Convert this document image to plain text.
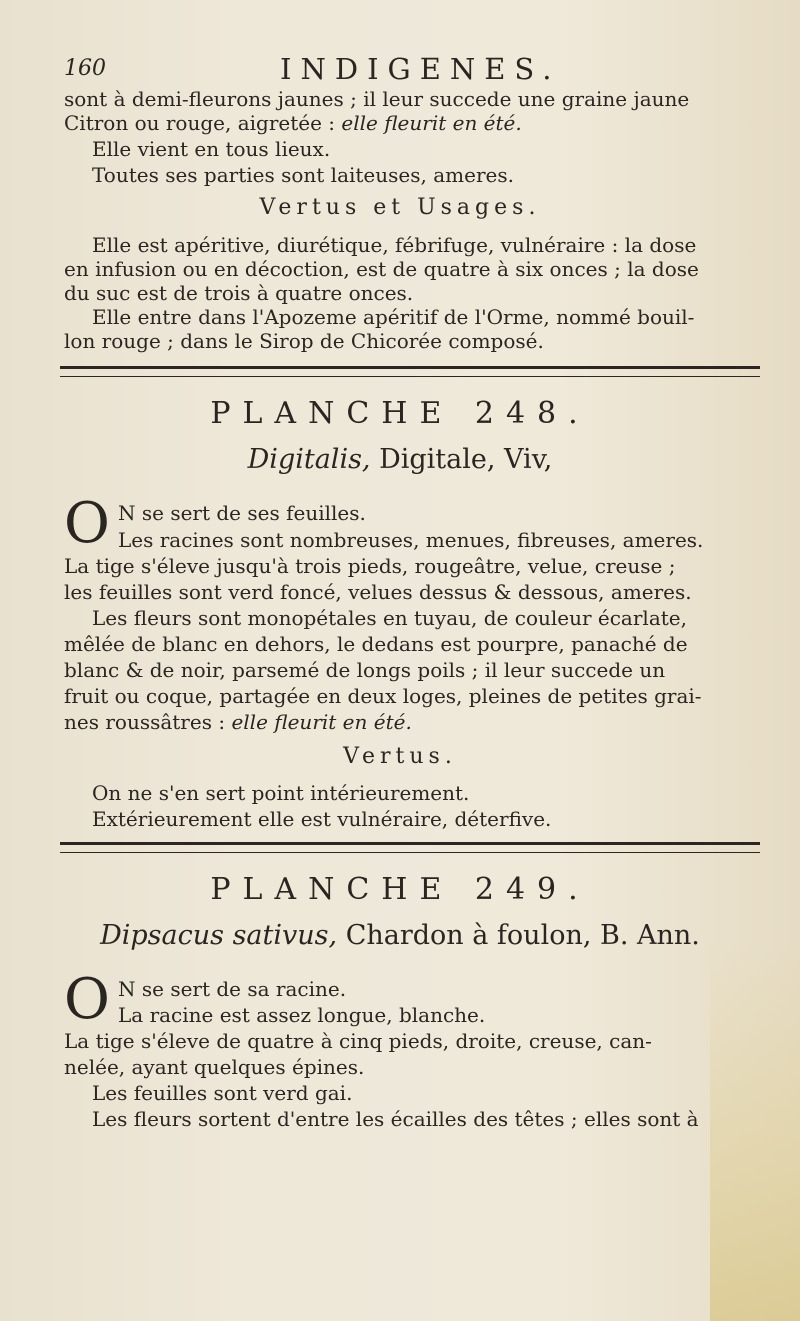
160	INDIGENES.
sont à demi-fleurons jaunes ; il leur succede une graine jaune
Citron ou rouge, aigretée : elle fleurit en été.
Elle vient en tous lieux.
Toutes ses parties sont laiteuses, ameres.
Vertus et Usages.
Elle est apéritive, diurétique, fébrifuge, vulnéraire : la dose
en infusion ou en décoction, est de quatre à six onces ; la dose
du suc est de trois à quatre onces.
Elle entre dans l'Apozeme apéritif de l'Orme, nommé bouil-
lon rouge ; dans le Sirop de Chicorée composé.
PLANCHE 248.
Digitalis, Digitale, Viv,
O N se sert de ses feuilles.
Les racines sont nombreuses, menues, fibreuses, ameres.
La tige s'éleve jusqu'à trois pieds, rougeâtre, velue, creuse ;
les feuilles sont verd foncé, velues dessus & dessous, ameres.
Les fleurs sont monopétales en tuyau, de couleur écarlate,
mêlée de blanc en dehors, le dedans est pourpre, panaché de
blanc & de noir, parsemé de longs poils ; il leur succede un
fruit ou coque, partagée en deux loges, pleines de petites grai-
nes roussâtres : elle fleurit en été.
Vertus.
On ne s'en sert point intérieurement.
Extérieurement elle est vulnéraire, déterfive.
PLANCHE 249.
Dipsacus sativus, Chardon à foulon, B. Ann.
O N se sert de sa racine.
La racine est assez longue, blanche.
La tige s'éleve de quatre à cinq pieds, droite, creuse, can-
nelée, ayant quelques épines.
Les feuilles sont verd gai.
Les fleurs sortent d'entre les écailles des têtes ; elles sont à
